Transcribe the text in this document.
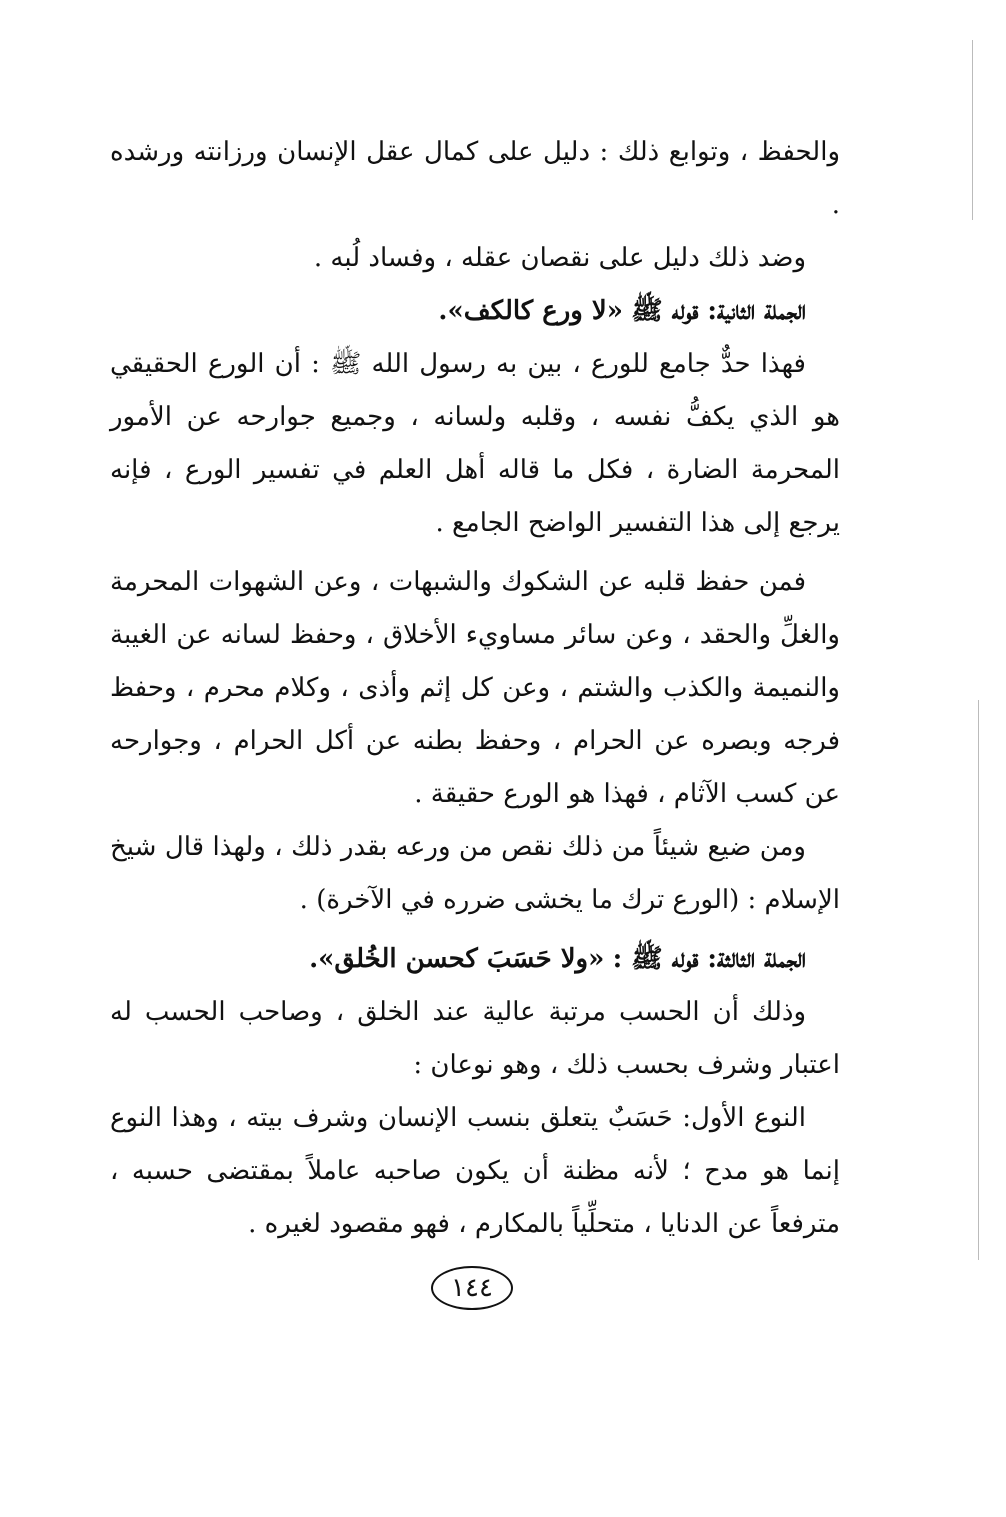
والحفظ ، وتوابع ذلك : دليل على كمال عقل الإنسان ورزانته ورشده .

وضد ذلك دليل على نقصان عقله ، وفساد لُبه .

الجملة الثانية: قوله ﷺ «لا ورع كالكف».

فهذا حدٌّ جامع للورع ، بين به رسول الله ﷺ : أن الورع الحقيقي هو الذي يكفُّ نفسه ، وقلبه ولسانه ، وجميع جوارحه عن الأمور المحرمة الضارة ، فكل ما قاله أهل العلم في تفسير الورع ، فإنه يرجع إلى هذا التفسير الواضح الجامع .

فمن حفظ قلبه عن الشكوك والشبهات ، وعن الشهوات المحرمة والغلِّ والحقد ، وعن سائر مساويء الأخلاق ، وحفظ لسانه عن الغيبة والنميمة والكذب والشتم ، وعن كل إثم وأذى ، وكلام محرم ، وحفظ فرجه وبصره عن الحرام ، وحفظ بطنه عن أكل الحرام ، وجوارحه عن كسب الآثام ، فهذا هو الورع حقيقة .

ومن ضيع شيئاً من ذلك نقص من ورعه بقدر ذلك ، ولهذا قال شيخ الإسلام : (الورع ترك ما يخشى ضرره في الآخرة) .

الجملة الثالثة: قوله ﷺ : «ولا حَسَبَ كحسن الخُلق».

وذلك أن الحسب مرتبة عالية عند الخلق ، وصاحب الحسب له اعتبار وشرف بحسب ذلك ، وهو نوعان :

النوع الأول: حَسَبٌ يتعلق بنسب الإنسان وشرف بيته ، وهذا النوع إنما هو مدح ؛ لأنه مظنة أن يكون صاحبه عاملاً بمقتضى حسبه ، مترفعاً عن الدنايا ، متحلِّياً بالمكارم ، فهو مقصود لغيره .

١٤٤
